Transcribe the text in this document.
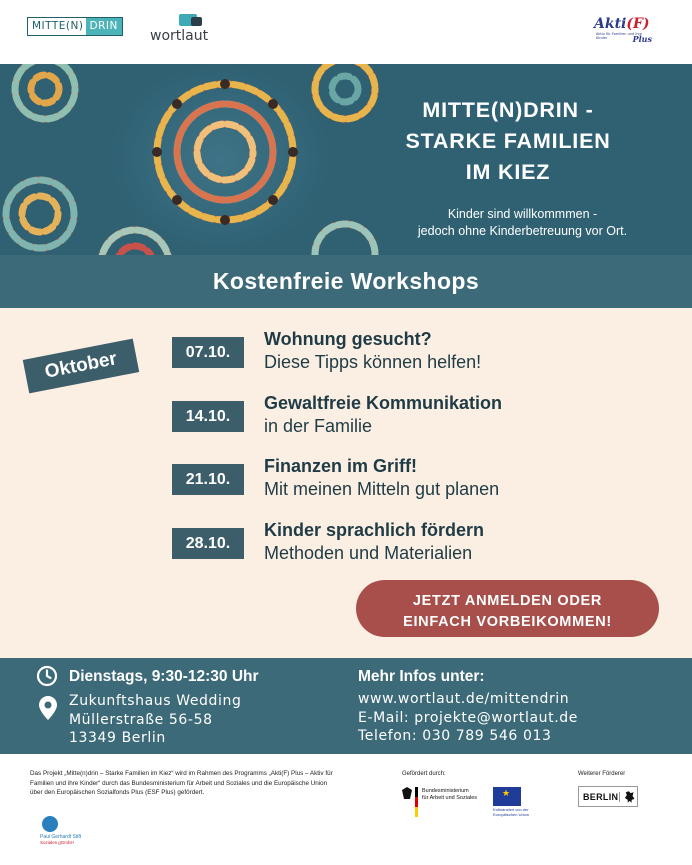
MITTE(N) DRIN
wortlaut
Akti(F)
Aktiv für Familien und ihre Kinder	Plus
MITTE(N)DRIN -
STARKE FAMILIEN
IM KIEZ
Kinder sind willkommmen -
jedoch ohne Kinderbetreuung vor Ort.
Kostenfreie Workshops
Oktober	07.10.
Wohnung gesucht?
Diese Tipps können helfen!
14.10.
Gewaltfreie Kommunikation
in der Familie
21.10.
Finanzen im Griff!
Mit meinen Mitteln gut planen
28.10.
Kinder sprachlich fördern
Methoden und Materialien
JETZT ANMELDEN ODER
EINFACH VORBEIKOMMEN!
Dienstags, 9:30-12:30 Uhr
Zukunftshaus Wedding
Müllerstraße 56-58
13349 Berlin
Mehr Infos unter:
www.wortlaut.de/mittendrin
E-Mail: projekte@wortlaut.de
Telefon: 030 789 546 013
Das Projekt „Mitte(n)drin – Starke Familien im Kiez“ wird im Rahmen des Programms „Akti(F) Plus – Aktiv für Familien und ihre Kinder“ durch das Bundesministerium für Arbeit und Soziales und die Europäische Union über den Europäischen Sozialfonds Plus (ESF Plus) gefördert.
Gefördert durch:	Weiterer Förderer
Bundesministerium
für Arbeit und Soziales
★
Kofinanziert von der
Europäischen Union
BERLIN
Paul Gerhardt Stift
Soziales gGmbH
